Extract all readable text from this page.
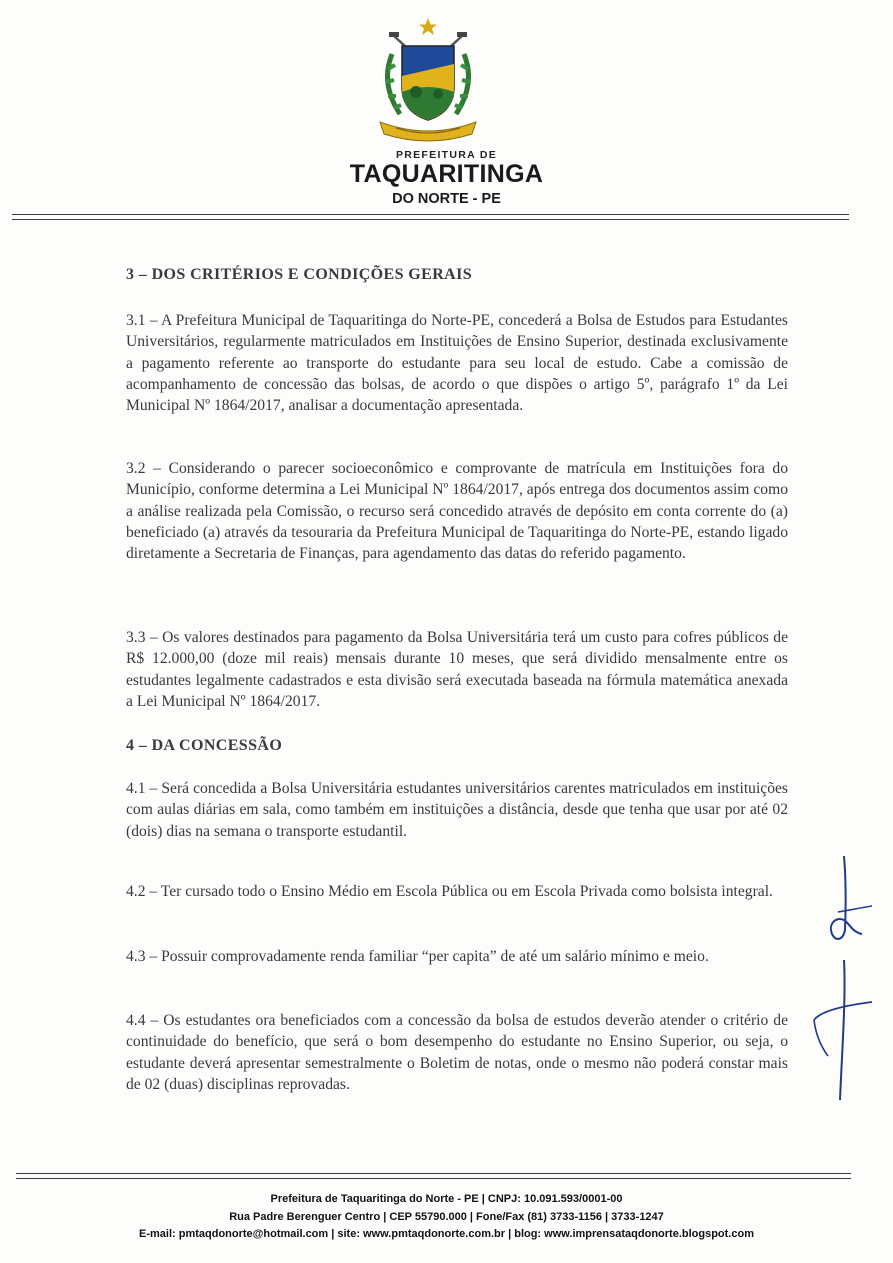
PREFEITURA DE
TAQUARITINGA
DO NORTE - PE
3 – DOS CRITÉRIOS E CONDIÇÕES GERAIS

3.1 – A Prefeitura Municipal de Taquaritinga do Norte-PE, concederá a Bolsa de Estudos para Estudantes Universitários, regularmente matriculados em Instituições de Ensino Superior, destinada exclusivamente a pagamento referente ao transporte do estudante para seu local de estudo. Cabe a comissão de acompanhamento de concessão das bolsas, de acordo o que dispões o artigo 5º, parágrafo 1º da Lei Municipal Nº 1864/2017, analisar a documentação apresentada.

3.2 – Considerando o parecer socioeconômico e comprovante de matrícula em Instituições fora do Município, conforme determina a Lei Municipal Nº 1864/2017, após entrega dos documentos assim como a análise realizada pela Comissão, o recurso será concedido através de depósito em conta corrente do (a) beneficiado (a) através da tesouraria da Prefeitura Municipal de Taquaritinga do Norte-PE, estando ligado diretamente a Secretaria de Finanças, para agendamento das datas do referido pagamento.

3.3 – Os valores destinados para pagamento da Bolsa Universitária terá um custo para cofres públicos de R$ 12.000,00 (doze mil reais) mensais durante 10 meses, que será dividido mensalmente entre os estudantes legalmente cadastrados e esta divisão será executada baseada na fórmula matemática anexada a Lei Municipal Nº 1864/2017.

4 – DA CONCESSÃO

4.1 – Será concedida a Bolsa Universitária estudantes universitários carentes matriculados em instituições com aulas diárias em sala, como também em instituições a distância, desde que tenha que usar por até 02 (dois) dias na semana o transporte estudantil.

4.2 – Ter cursado todo o Ensino Médio em Escola Pública ou em Escola Privada como bolsista integral.

4.3 – Possuir comprovadamente renda familiar “per capita” de até um salário mínimo e meio.

4.4 – Os estudantes ora beneficiados com a concessão da bolsa de estudos deverão atender o critério de continuidade do benefício, que será o bom desempenho do estudante no Ensino Superior, ou seja, o estudante deverá apresentar semestralmente o Boletim de notas, onde o mesmo não poderá constar mais de 02 (duas) disciplinas reprovadas.

Prefeitura de Taquaritinga do Norte - PE | CNPJ: 10.091.593/0001-00
Rua Padre Berenguer Centro | CEP 55790.000 | Fone/Fax (81) 3733-1156 | 3733-1247
E-mail: pmtaqdonorte@hotmail.com | site: www.pmtaqdonorte.com.br | blog: www.imprensataqdonorte.blogspot.com
